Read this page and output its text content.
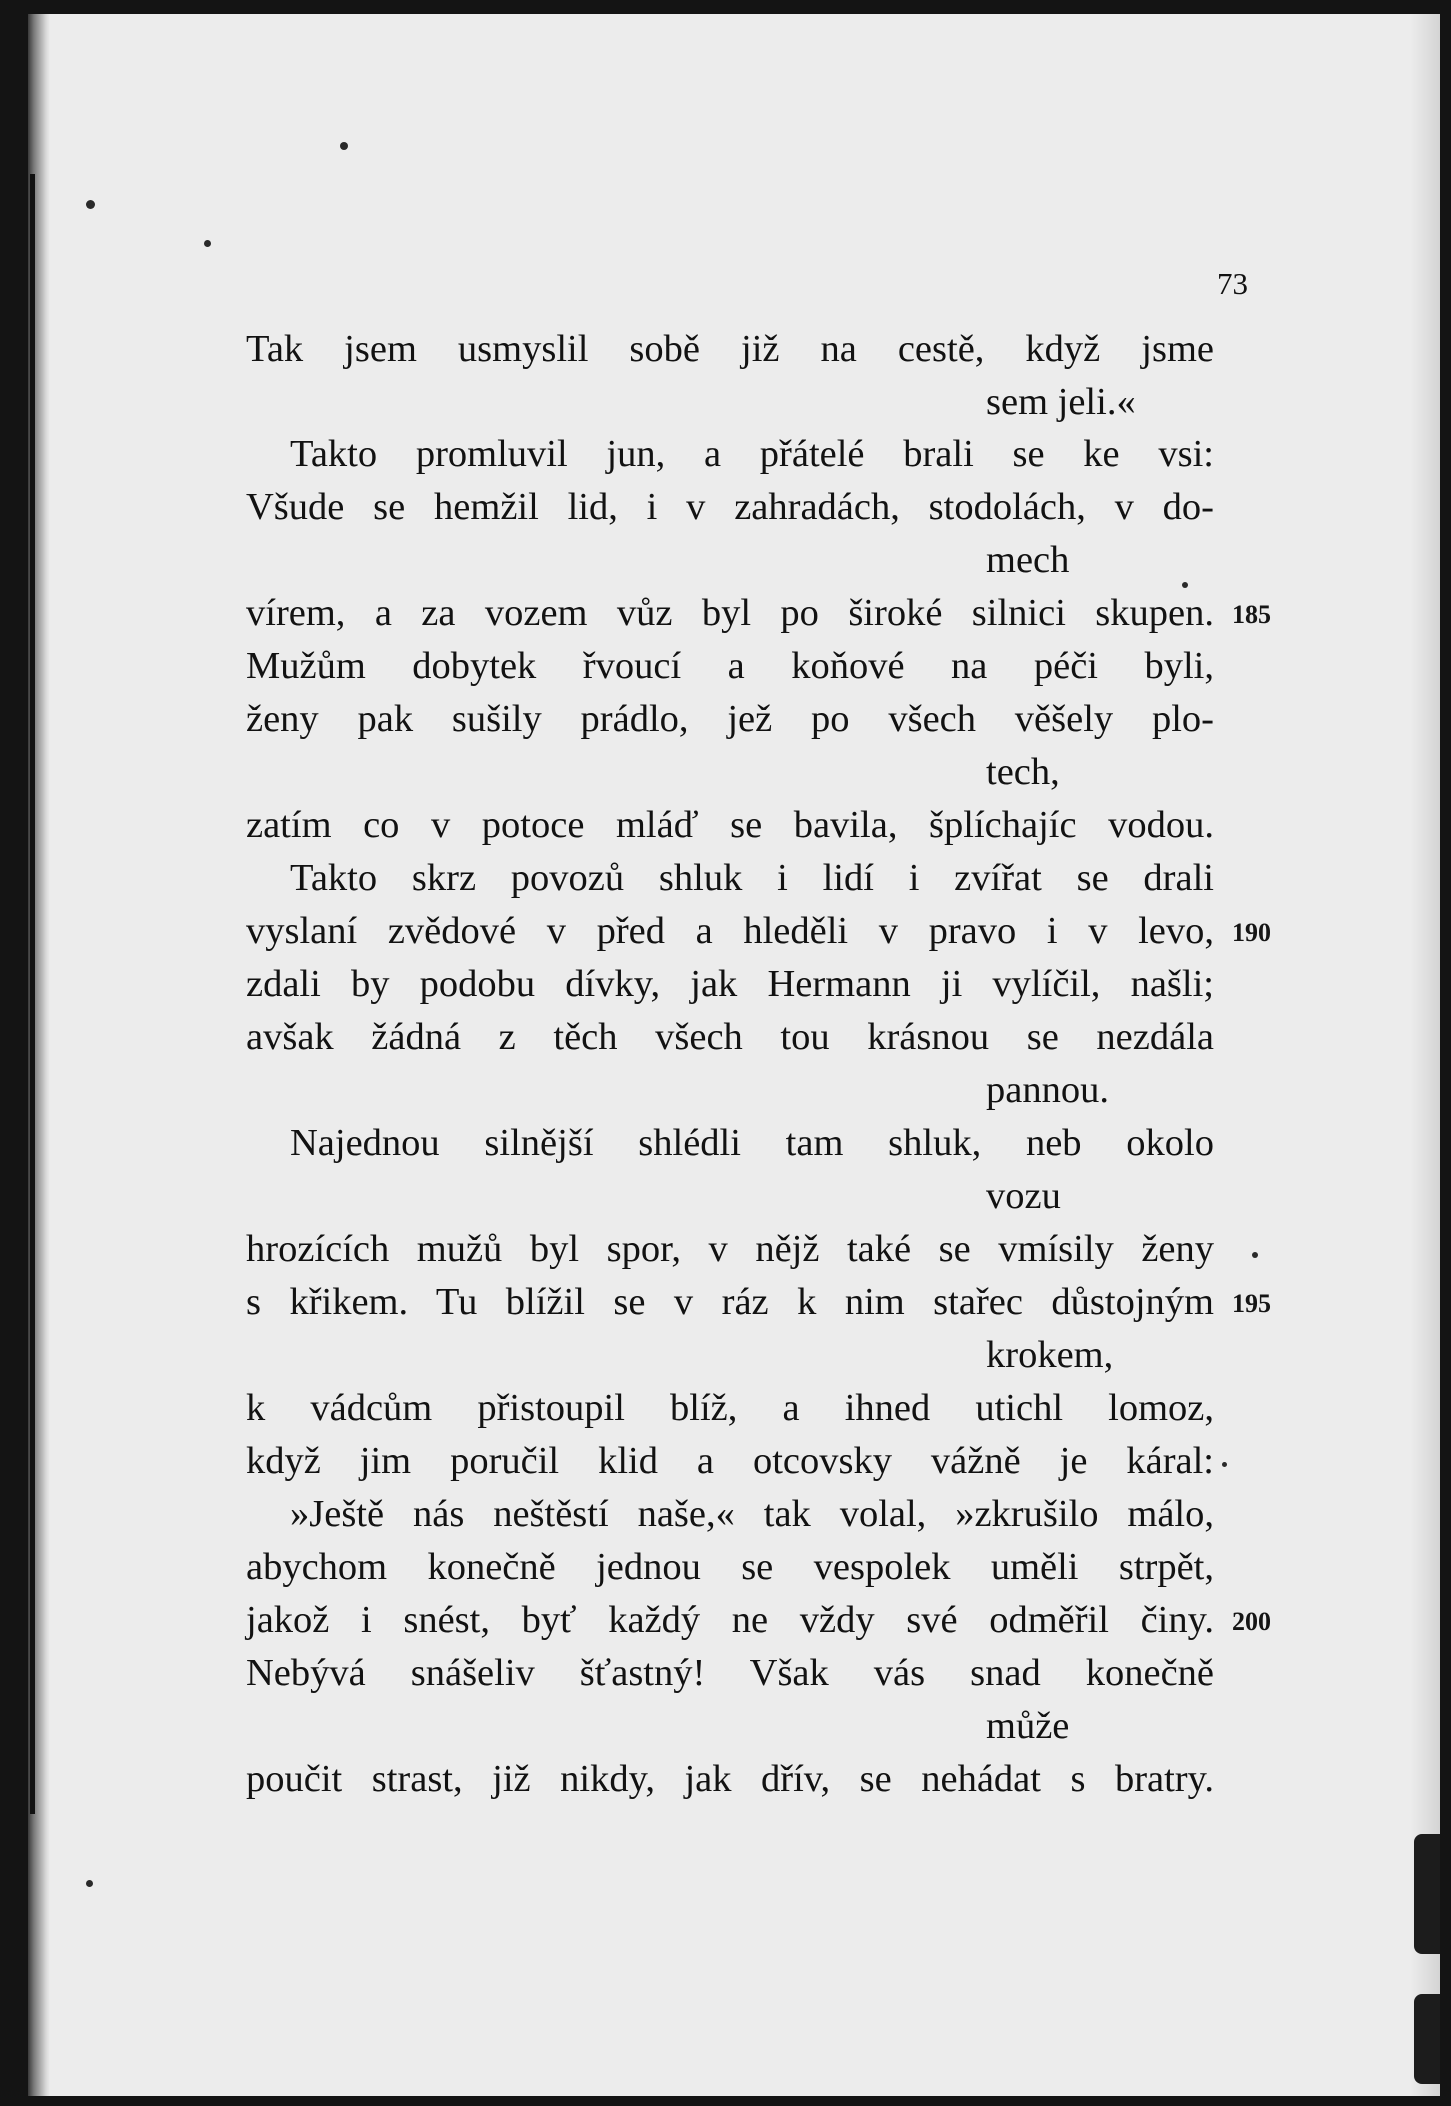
73
Tak jsem usmyslil sobě již na cestě, když jsme
sem jeli.«
Takto promluvil jun, a přátelé brali se ke vsi:
Všude se hemžil lid, i v zahradách, stodolách, v do-
mech
vírem, a za vozem vůz byl po široké silnici skupen. 185
Mužům dobytek řvoucí a koňové na péči byli,
ženy pak sušily prádlo, jež po všech věšely plo-
tech,
zatím co v potoce mláď se bavila, šplíchajíc vodou.
Takto skrz povozů shluk i lidí i zvířat se drali
vyslaní zvědové v před a hleděli v pravo i v levo, 190
zdali by podobu dívky, jak Hermann ji vylíčil, našli;
avšak žádná z těch všech tou krásnou se nezdála
pannou.
Najednou silnější shlédli tam shluk, neb okolo
vozu
hrozících mužů byl spor, v nějž také se vmísily ženy
s křikem. Tu blížil se v ráz k nim stařec důstojným 195
krokem,
k vádcům přistoupil blíž, a ihned utichl lomoz,
když jim poručil klid a otcovsky vážně je káral:
»Ještě nás neštěstí naše,« tak volal, »zkrušilo málo,
abychom konečně jednou se vespolek uměli strpět,
jakož i snést, byť každý ne vždy své odměřil činy. 200
Nebývá snášeliv šťastný! Však vás snad konečně
může
poučit strast, již nikdy, jak dřív, se nehádat s bratry.
